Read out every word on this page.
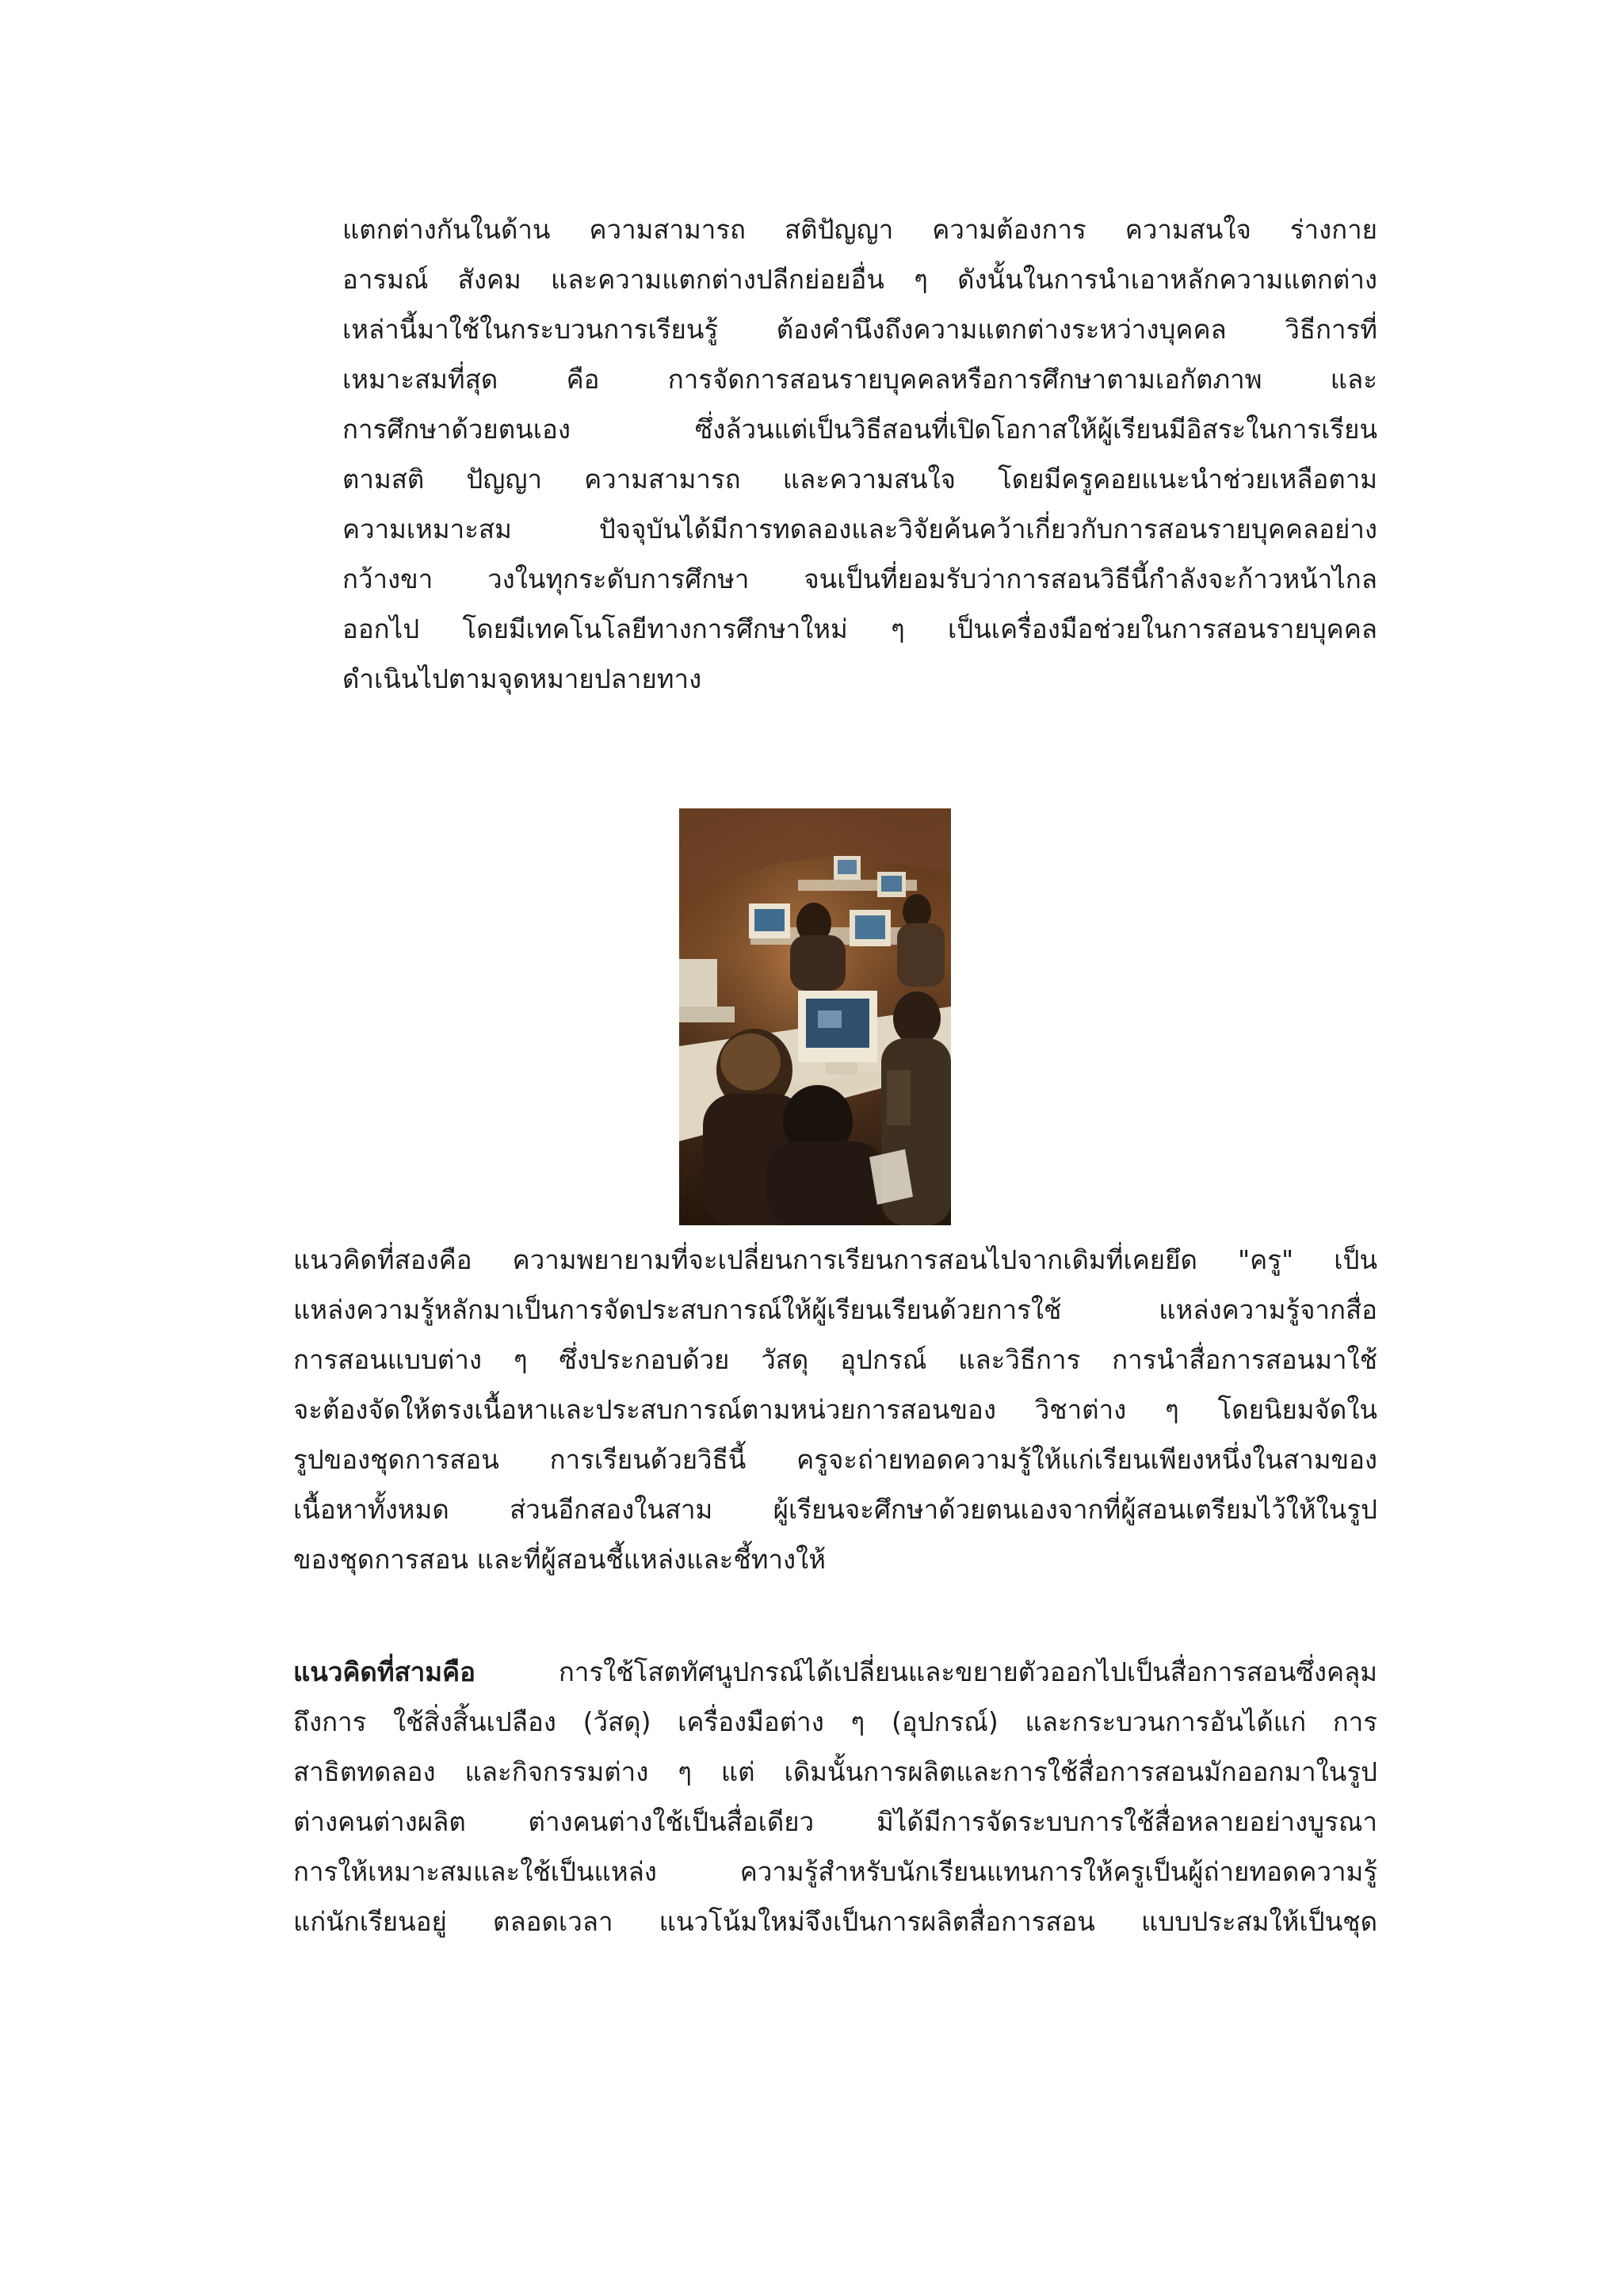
แตกต่างกันในด้าน ความสามารถ สติปัญญา ความต้องการ ความสนใจ ร่างกาย
อารมณ์ สังคม และความแตกต่างปลีกย่อยอื่น ๆ ดังนั้นในการนำเอาหลักความแตกต่าง
เหล่านี้มาใช้ในกระบวนการเรียนรู้ ต้องคำนึงถึงความแตกต่างระหว่างบุคคล วิธีการที่
เหมาะสมที่สุด คือ การจัดการสอนรายบุคคลหรือการศึกษาตามเอกัตภาพ และ
การศึกษาด้วยตนเอง ซึ่งล้วนแต่เป็นวิธีสอนที่เปิดโอกาสให้ผู้เรียนมีอิสระในการเรียน
ตามสติ ปัญญา ความสามารถ และความสนใจ โดยมีครูคอยแนะนำช่วยเหลือตาม
ความเหมาะสม ปัจจุบันได้มีการทดลองและวิจัยค้นคว้าเกี่ยวกับการสอนรายบุคคลอย่าง
กว้างขา วงในทุกระดับการศึกษา จนเป็นที่ยอมรับว่าการสอนวิธีนี้กำลังจะก้าวหน้าไกล
ออกไป โดยมีเทคโนโลยีทางการศึกษาใหม่ ๆ เป็นเครื่องมือช่วยในการสอนรายบุคคล
ดำเนินไปตามจุดหมายปลายทาง
แนวคิดที่สองคือ ความพยายามที่จะเปลี่ยนการเรียนการสอนไปจากเดิมที่เคยยึด "ครู" เป็น
แหล่งความรู้หลักมาเป็นการจัดประสบการณ์ให้ผู้เรียนเรียนด้วยการใช้ แหล่งความรู้จากสื่อ
การสอนแบบต่าง ๆ ซึ่งประกอบด้วย วัสดุ อุปกรณ์ และวิธีการ การนำสื่อการสอนมาใช้
จะต้องจัดให้ตรงเนื้อหาและประสบการณ์ตามหน่วยการสอนของ วิชาต่าง ๆ โดยนิยมจัดใน
รูปของชุดการสอน การเรียนด้วยวิธีนี้ ครูจะถ่ายทอดความรู้ให้แก่เรียนเพียงหนึ่งในสามของ
เนื้อหาทั้งหมด ส่วนอีกสองในสาม ผู้เรียนจะศึกษาด้วยตนเองจากที่ผู้สอนเตรียมไว้ให้ในรูป
ของชุดการสอน และที่ผู้สอนชี้แหล่งและชี้ทางให้
แนวคิดที่สามคือ	การใช้โสตทัศนูปกรณ์ได้เปลี่ยนและขยายตัวออกไปเป็นสื่อการสอนซึ่งคลุม
ถึงการ ใช้สิ่งสิ้นเปลือง (วัสดุ) เครื่องมือต่าง ๆ (อุปกรณ์) และกระบวนการอันได้แก่ การ
สาธิตทดลอง และกิจกรรมต่าง ๆ แต่ เดิมนั้นการผลิตและการใช้สื่อการสอนมักออกมาในรูป
ต่างคนต่างผลิต ต่างคนต่างใช้เป็นสื่อเดียว มิได้มีการจัดระบบการใช้สื่อหลายอย่างบูรณา
การให้เหมาะสมและใช้เป็นแหล่ง ความรู้สำหรับนักเรียนแทนการให้ครูเป็นผู้ถ่ายทอดความรู้
แก่นักเรียนอยู่ ตลอดเวลา แนวโน้มใหม่จึงเป็นการผลิตสื่อการสอน แบบประสมให้เป็นชุด
